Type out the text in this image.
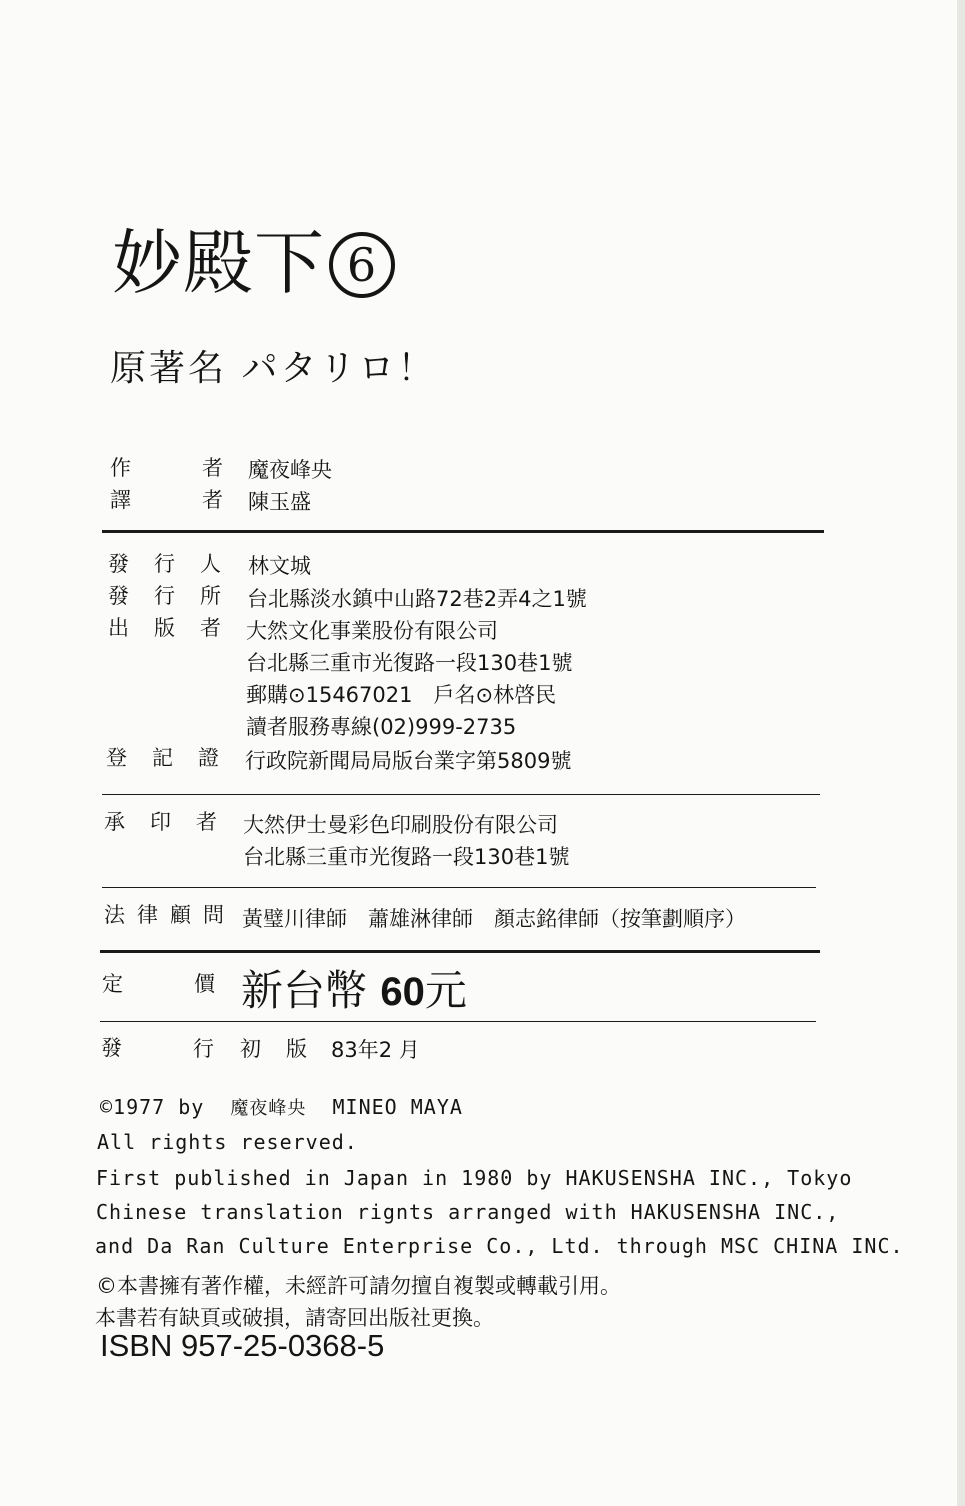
妙殿下 6
原著名 パタリロ！
作	者 魔夜峰央
譯	者 陳玉盛
發 行 人 林文城
發 行 所 台北縣淡水鎮中山路72巷2弄4之1號
出 版 者 大然文化事業股份有限公司
台北縣三重市光復路一段130巷1號
郵購⊙15467021　戶名⊙林啓民
讀者服務專線(02)999-2735
登 記 證 行政院新聞局局版台業字第5809號
承 印 者 大然伊士曼彩色印刷股份有限公司
台北縣三重市光復路一段130巷1號
法 律 顧 問 黃璧川律師　蕭雄淋律師　顏志銘律師（按筆劃順序）
定	價 新台幣 60元
發	行 初 版 83年2 月
©1977 by 魔夜峰央 MINEO MAYA
All rights reserved.
First published in Japan in 1980 by HAKUSENSHA INC., Tokyo
Chinese translation rignts arranged with HAKUSENSHA INC.,
and Da Ran Culture Enterprise Co., Ltd. through MSC CHINA INC.
©本書擁有著作權，未經許可請勿擅自複製或轉載引用。
本書若有缺頁或破損，請寄回出版社更換。
ISBN 957-25-0368-5
